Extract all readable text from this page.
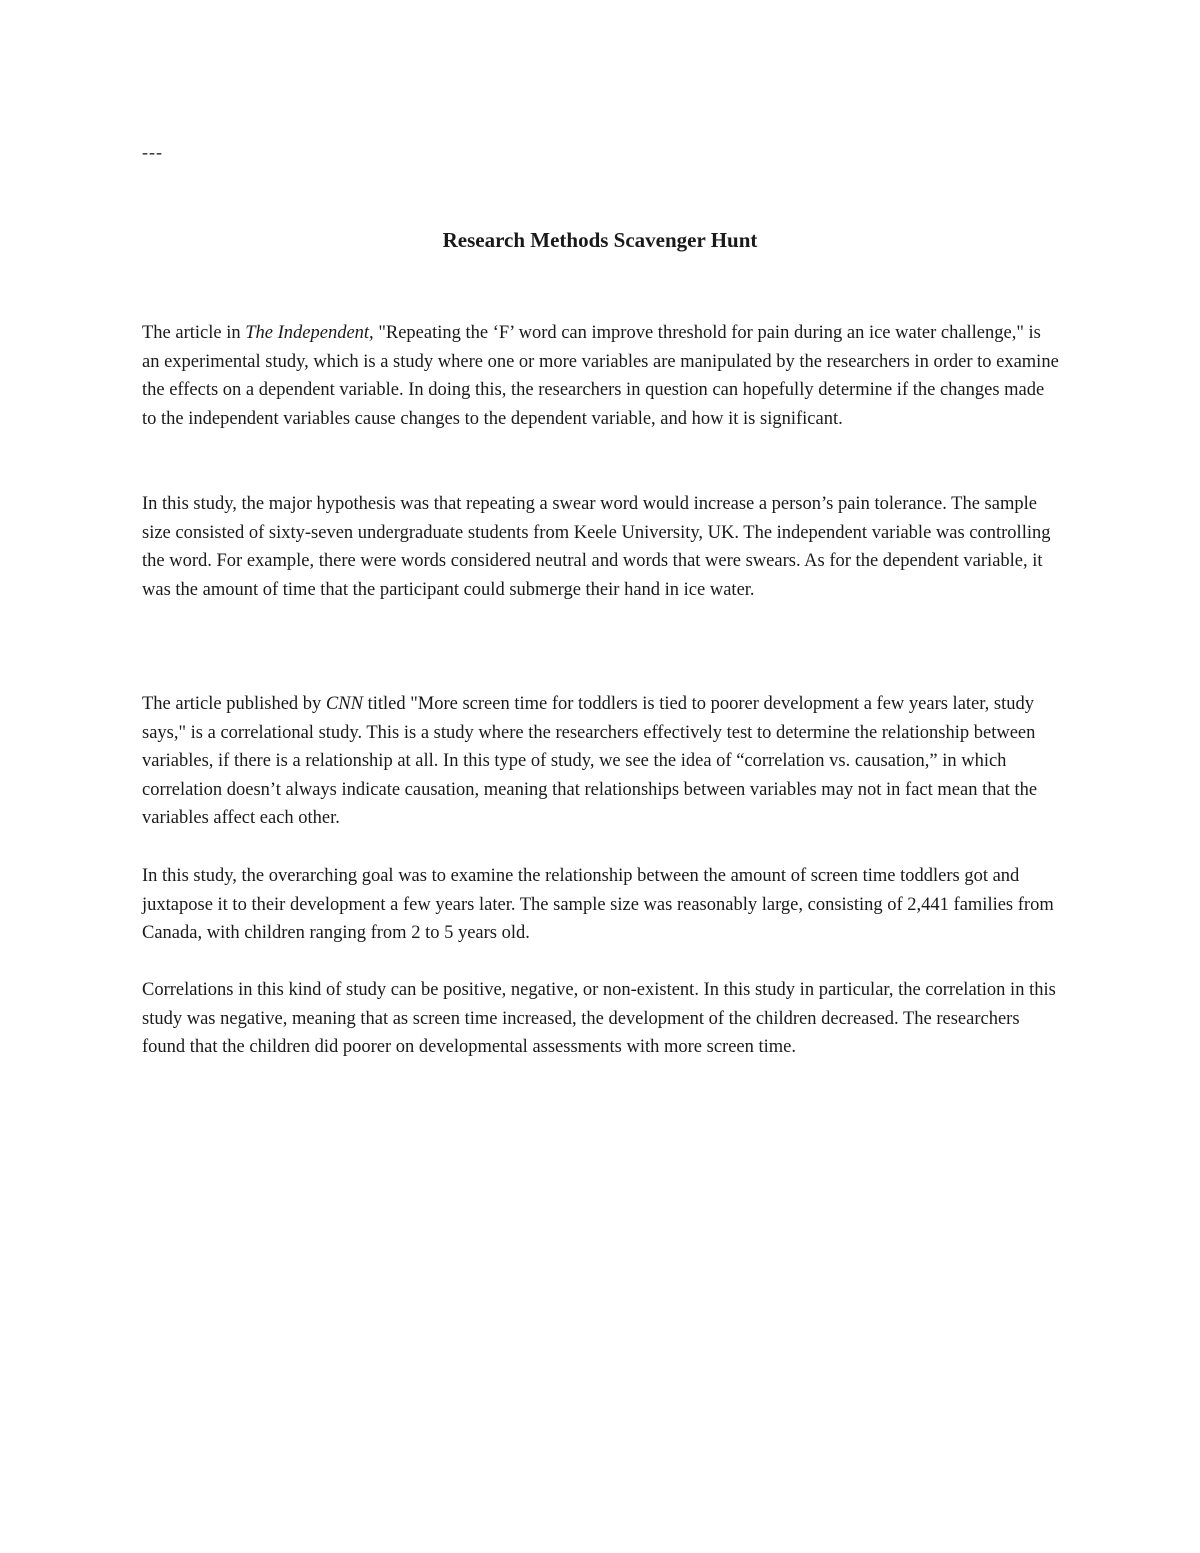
---
Research Methods Scavenger Hunt

The article in The Independent, "Repeating the ‘F’ word can improve threshold for pain during an ice water challenge," is an experimental study, which is a study where one or more variables are manipulated by the researchers in order to examine the effects on a dependent variable. In doing this, the researchers in question can hopefully determine if the changes made to the independent variables cause changes to the dependent variable, and how it is significant.

In this study, the major hypothesis was that repeating a swear word would increase a person’s pain tolerance. The sample size consisted of sixty-seven undergraduate students from Keele University, UK. The independent variable was controlling the word. For example, there were words considered neutral and words that were swears. As for the dependent variable, it was the amount of time that the participant could submerge their hand in ice water.

The article published by CNN titled "More screen time for toddlers is tied to poorer development a few years later, study says," is a correlational study. This is a study where the researchers effectively test to determine the relationship between variables, if there is a relationship at all. In this type of study, we see the idea of “correlation vs. causation,” in which correlation doesn’t always indicate causation, meaning that relationships between variables may not in fact mean that the variables affect each other.

In this study, the overarching goal was to examine the relationship between the amount of screen time toddlers got and juxtapose it to their development a few years later. The sample size was reasonably large, consisting of 2,441 families from Canada, with children ranging from 2 to 5 years old.

Correlations in this kind of study can be positive, negative, or non-existent. In this study in particular, the correlation in this study was negative, meaning that as screen time increased, the development of the children decreased. The researchers found that the children did poorer on developmental assessments with more screen time.
